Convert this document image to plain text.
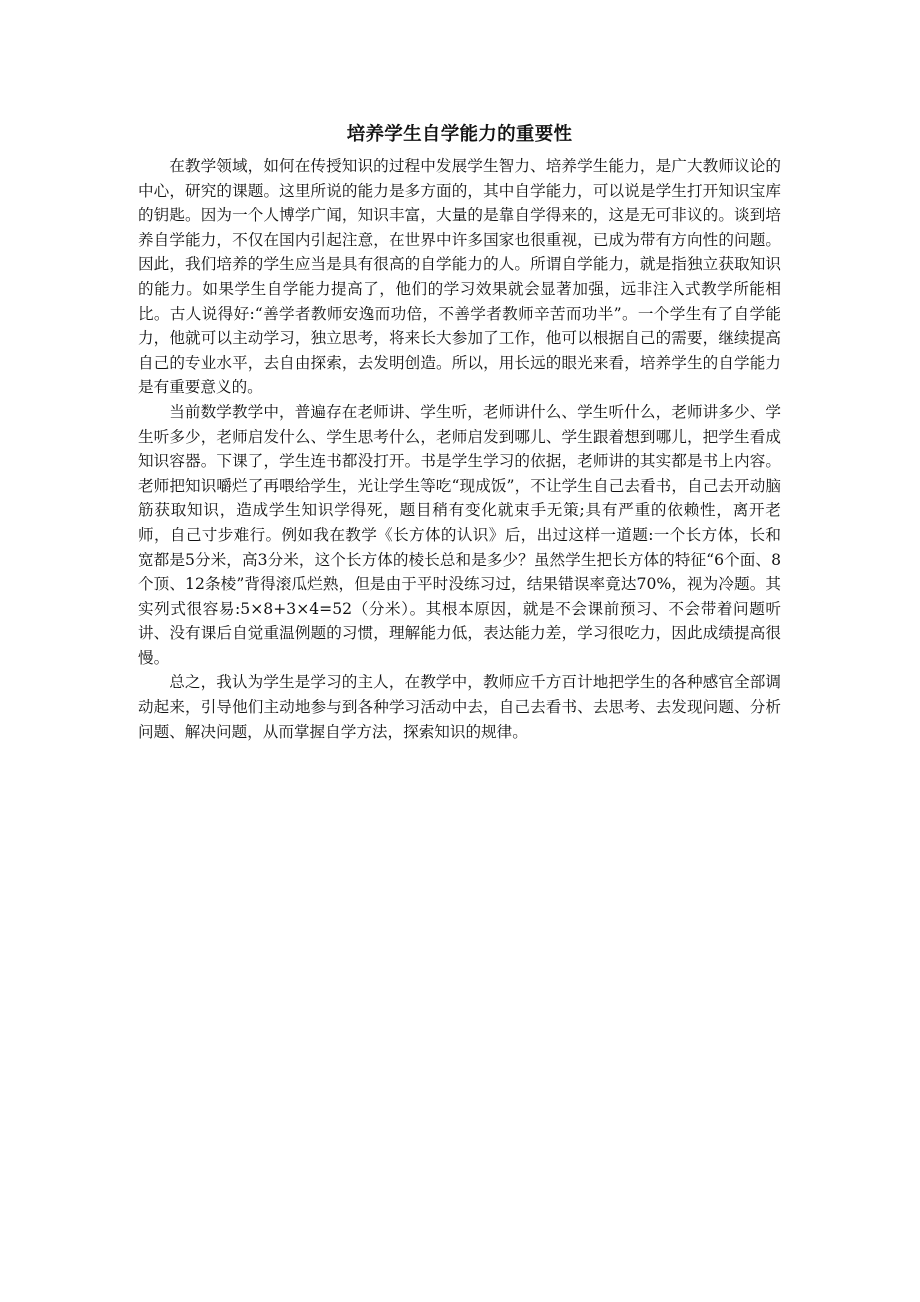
培养学生自学能力的重要性

在教学领域，如何在传授知识的过程中发展学生智力、培养学生能力，是广大教师议论的中心，研究的课题。这里所说的能力是多方面的，其中自学能力，可以说是学生打开知识宝库的钥匙。因为一个人博学广闻，知识丰富，大量的是靠自学得来的，这是无可非议的。谈到培养自学能力，不仅在国内引起注意，在世界中许多国家也很重视，已成为带有方向性的问题。因此，我们培养的学生应当是具有很高的自学能力的人。所谓自学能力，就是指独立获取知识的能力。如果学生自学能力提高了，他们的学习效果就会显著加强，远非注入式教学所能相比。古人说得好:“善学者教师安逸而功倍，不善学者教师辛苦而功半”。一个学生有了自学能力，他就可以主动学习，独立思考，将来长大参加了工作，他可以根据自己的需要，继续提高自己的专业水平，去自由探索，去发明创造。所以，用长远的眼光来看，培养学生的自学能力是有重要意义的。

当前数学教学中，普遍存在老师讲、学生听，老师讲什么、学生听什么，老师讲多少、学生听多少，老师启发什么、学生思考什么，老师启发到哪儿、学生跟着想到哪儿，把学生看成知识容器。下课了，学生连书都没打开。书是学生学习的依据，老师讲的其实都是书上内容。老师把知识嚼烂了再喂给学生，光让学生等吃“现成饭”，不让学生自己去看书，自己去开动脑筋获取知识，造成学生知识学得死，题目稍有变化就束手无策;具有严重的依赖性，离开老师，自己寸步难行。例如我在教学《长方体的认识》后，出过这样一道题:一个长方体，长和宽都是5分米，高3分米，这个长方体的棱长总和是多少？虽然学生把长方体的特征“6个面、8个顶、12条棱”背得滚瓜烂熟，但是由于平时没练习过，结果错误率竟达70%，视为冷题。其实列式很容易:5×8+3×4=52（分米）。其根本原因，就是不会课前预习、不会带着问题听讲、没有课后自觉重温例题的习惯，理解能力低，表达能力差，学习很吃力，因此成绩提高很慢。

总之，我认为学生是学习的主人，在教学中，教师应千方百计地把学生的各种感官全部调动起来，引导他们主动地参与到各种学习活动中去，自己去看书、去思考、去发现问题、分析问题、解决问题，从而掌握自学方法，探索知识的规律。
